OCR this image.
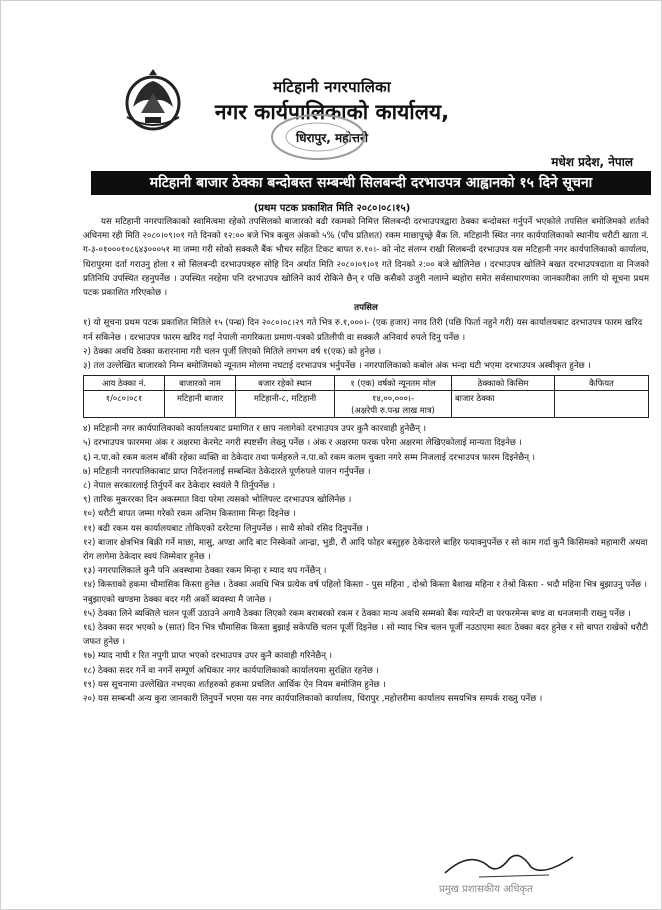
मटिहानी नगरपालिका
नगर कार्यपालिकाको कार्यालय,
धिरापुर, महोत्तरी
मधेश प्रदेश, नेपाल
मटिहानी बाजार ठेक्का बन्दोबस्त सम्बन्धी सिलबन्दी दरभाउपत्र आह्वानको १५ दिने सूचना
(प्रथम पटक प्रकाशित मिति २०८०।०८।१५)

यस मटिहानी नगरपालिकाको स्वामित्वमा रहेको तपसिलको बाजारको बढी रकमको निमित्त सिलबन्दी दरभाउपत्रद्वारा ठेक्का बन्दोबस्त गर्नुपर्ने भएकोले तपसिल बमोजिमको शर्तको अधिनमा रही मिति २०८०।०९।०१ गते दिनको १२:०० बजे भित्र कबुल अंकको ५% (पाँच प्रतिशत) रकम माछापुच्छ्रे बैंक लि. मटिहानी स्थित नगर कार्यपालिकाको स्थानीय धरौटी खाता नं. ग-३-०१०००१०८६४३०००५१ मा जम्मा गरी सोको सक्कलै बैंक भौचर सहित टिकट बापत रु.१०।- को नोट संलग्न राखी सिलबन्दी दरभाउपत्र यस मटिहानी नगर कार्यपालिकाको कार्यालय, धिरापुरमा दर्ता गराउनु होला र सो सिलबन्दी दरभाउपत्रहरु सोहि दिन अर्थात मिति २०८०।०९।०१ गते दिनको २:०० बजे खोलिनेछ । दरभाउपत्र खोलिने बखत दरभाउपत्रदाता वा निजको प्रतिनिधि उपस्थित रहनुपर्नेछ । उपस्थित नरहेमा पनि दरभाउपत्र खोलिने कार्य रोकिने छैन् र पछि कसैको उजुरी नलाग्ने ब्यहोरा समेत सर्वसाधारणका जानकारीका लागि यो सूचना प्रथम पटक प्रकाशित गरिएकोछ ।

तपसिल

१) यो सूचना प्रथम पटक प्रकाशित मितिले १५ (पन्ध्र) दिन २०८०।०८।२९ गते भित्र रु.१,०००।- (एक हजार) नगद तिरी (पछि फिर्ता नहुने गरी) यस कार्यालयबाट दरभाउपत्र फारम खरिद गर्न सकिनेछ । दरभाउपत्र फारम खरिद गर्दा नेपाली नागरिकता प्रमाण-पत्रको प्रतिलीपी वा सक्कलै अनिवार्य रुपले दिनु पर्नेछ ।

२) ठेक्का अवधि ठेक्का करारनामा गरी चलन पूर्जी लिएको मितिले लगभग वर्ष १(एक) को हुनेछ ।

३) तल उल्लेखित बाजारको निम्न बमोजिमको न्यूनतम मोलमा नघटाई दरभाउपत्र भर्नुपर्नेछ । नगरपालिकाको कबोल अंक भन्दा घटी भएमा दरभाउपत्र अस्वीकृत हुनेछ ।

आय ठेक्का नं.	बाजारको नाम	बजार रहेको स्थान	१ (एक) वर्षको न्यूनतम मोल	ठेक्काको किसिम	कैफियत
१/०८०।०८१	मटिहानी बाजार	मटिहानी-८, मटिहानी	१४,००,०००।-
(अक्षरेपी रु.पन्ध्र लाख मात्र)	बाजार ठेक्का	

४) मटिहानी नगर कार्यपालिकाको कार्यालयबाट प्रमाणित र छाप नलागेको दरभाउपत्र उपर कुनै कारवाही हुनेछैन् ।

५) दरभाउपत्र फारममा अंक र अक्षरमा केरमेट नगरी स्पष्टसँग लेख्नु पर्नेछ । अंक र अक्षरमा फरक परेमा अक्षरमा लेखिएकोलाई मान्यता दिइनेछ ।

६) न.पा.को रकम कलम बाँकी रहेका व्यक्ति वा ठेकेदार तथा फर्महरुले न.पा.को रकम कलम चुक्ता नगरे सम्म निजलाई दरभाउपत्र फारम दिइनेछैन् ।

७) मटिहानी नगरपालिकाबाट प्राप्त निर्देशनलाई सम्बन्धित ठेकेदारले पूर्णरुपले पालन गर्नुपर्नेछ ।

८) नेपाल सरकारलाई तिर्नुपर्ने कर ठेकेदार स्वयंले नै तिर्नुपर्नेछ ।

९) तारिक मुकररका दिन अकस्मात विदा परेमा त्यसको भोलिपल्ट दरभाउपत्र खोलिनेछ ।

१०) धरौटी बापत जम्मा गरेको रकम अन्तिम किस्तामा मिन्हा दिइनेछ ।

११) बढी रकम यस कार्यालयबाट तोकिएको दररेटमा लिनुपर्नेछ । साथै सोको रसिद दिनुपर्नेछ ।

१२) बाजार क्षेत्रभित्र बिक्री गर्ने माछा, मासु, अण्डा आदि बाट निस्केको आन्द्रा, भुडी, रौं आदि फोहर बस्तुहरु ठेकेदारले बाहिर फयाक्नुपर्नेछ र सो काम गर्दा कुनै किसिमको महामारी अथवा रोग लागेमा ठेकेदार स्वयं जिम्मेवार हुनेछ ।

१३) नगरपालिकाले कुनै पनि अवस्थामा ठेक्का रकम मिन्हा र म्याद थप गर्नेछैन् ।

१४) किस्ताको हकमा चौमासिक किस्ता हुनेछ । ठेक्का अवधि भित्र प्रत्येक वर्ष पहिलो किस्ता - पुस महिना , दोश्रो किस्ता बैशाख महिना र तेश्रो किस्ता - भदौ महिना भित्र बुझाउनु पर्नेछ । नबुझाएको खण्डमा ठेक्का बदर गरी अर्को ब्यवस्था मै जानेछ ।

१५) ठेक्का लिने ब्यक्तिले चलन पूर्जी उठाउने अगावै ठेक्का लिएको रकम बराबरको रकम र ठेक्का मान्य अवधि सम्मको बैंक ग्यारेन्टी वा परफरमेन्स बण्ड वा धनजमानी राख्नु पर्नेछ ।

१६) ठेक्का सदर भएको ७ (सात) दिन भित्र चौमासिक किस्ता बुझाई सकेपछि चलन पूर्जी दिइनेछ । सो म्याद भित्र चलन पूर्जी नउठाएमा स्वतः ठेक्का बदर हुनेछ र सो बापत राखेको धरौटी जफत हुनेछ ।

१७) म्याद नाघी र रित नपुगी प्राप्त भएको दरभाउपत्र उपर कुनै कावाही गरिनेछैन् ।

१८) ठेक्का सदर गर्ने वा नगर्ने सम्पूर्ण अधिकार नगर कार्यपालिकाको कार्यालयमा सुरक्षित रहनेछ ।

१९) यस सूचनामा उल्लेखित नभएका शर्तहरुको हकमा प्रचलित आर्थिक ऐन नियम बमोजिम हुनेछ ।

२०) यस सम्बन्धी अन्य कुरा जानकारी लिनुपर्ने भएमा यस नगर कार्यपालिकाको कार्यालय, धिरापुर ,महोत्तरीमा कार्यालय समयभित्र सम्पर्क राख्नु पर्नेछ ।

प्रमुख प्रशासकीय अधिकृत
